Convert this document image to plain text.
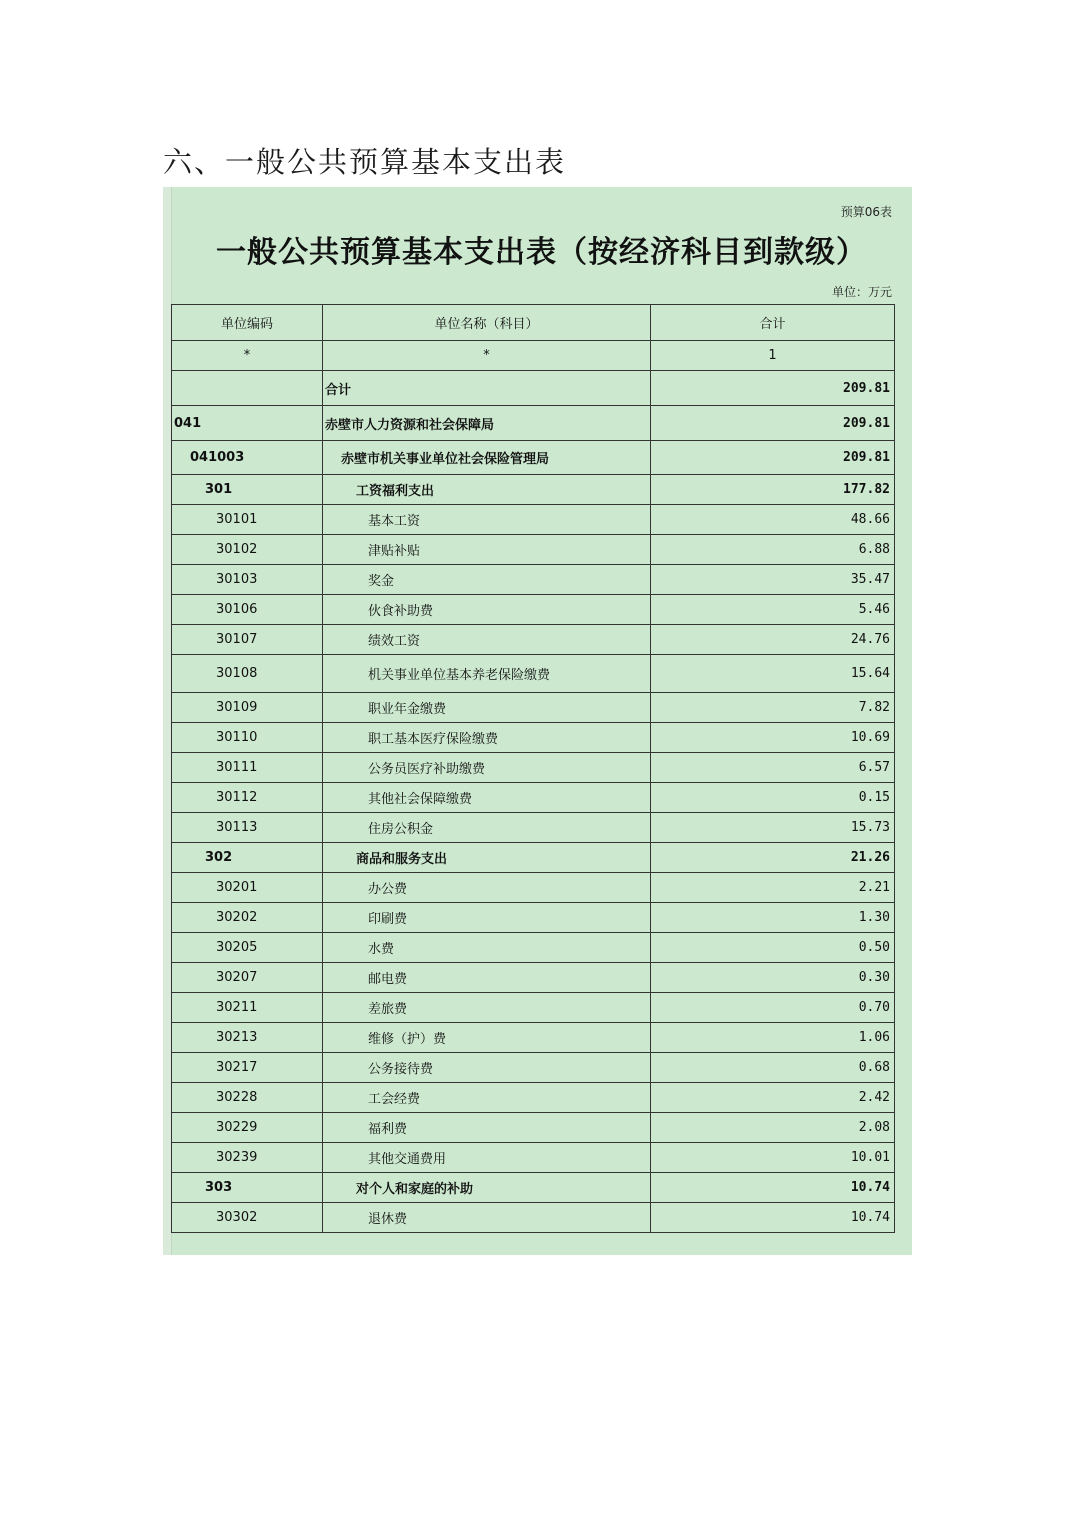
六、一般公共预算基本支出表
预算06表
一般公共预算基本支出表（按经济科目到款级）
单位：万元
单位编码	单位名称（科目）	合计
*	*	1
	合计	209.81
041	赤壁市人力资源和社会保障局	209.81
041003	赤壁市机关事业单位社会保险管理局	209.81
301	工资福利支出	177.82
30101	基本工资	48.66
30102	津贴补贴	6.88
30103	奖金	35.47
30106	伙食补助费	5.46
30107	绩效工资	24.76
30108	机关事业单位基本养老保险缴费	15.64
30109	职业年金缴费	7.82
30110	职工基本医疗保险缴费	10.69
30111	公务员医疗补助缴费	6.57
30112	其他社会保障缴费	0.15
30113	住房公积金	15.73
302	商品和服务支出	21.26
30201	办公费	2.21
30202	印刷费	1.30
30205	水费	0.50
30207	邮电费	0.30
30211	差旅费	0.70
30213	维修（护）费	1.06
30217	公务接待费	0.68
30228	工会经费	2.42
30229	福利费	2.08
30239	其他交通费用	10.01
303	对个人和家庭的补助	10.74
30302	退休费	10.74
